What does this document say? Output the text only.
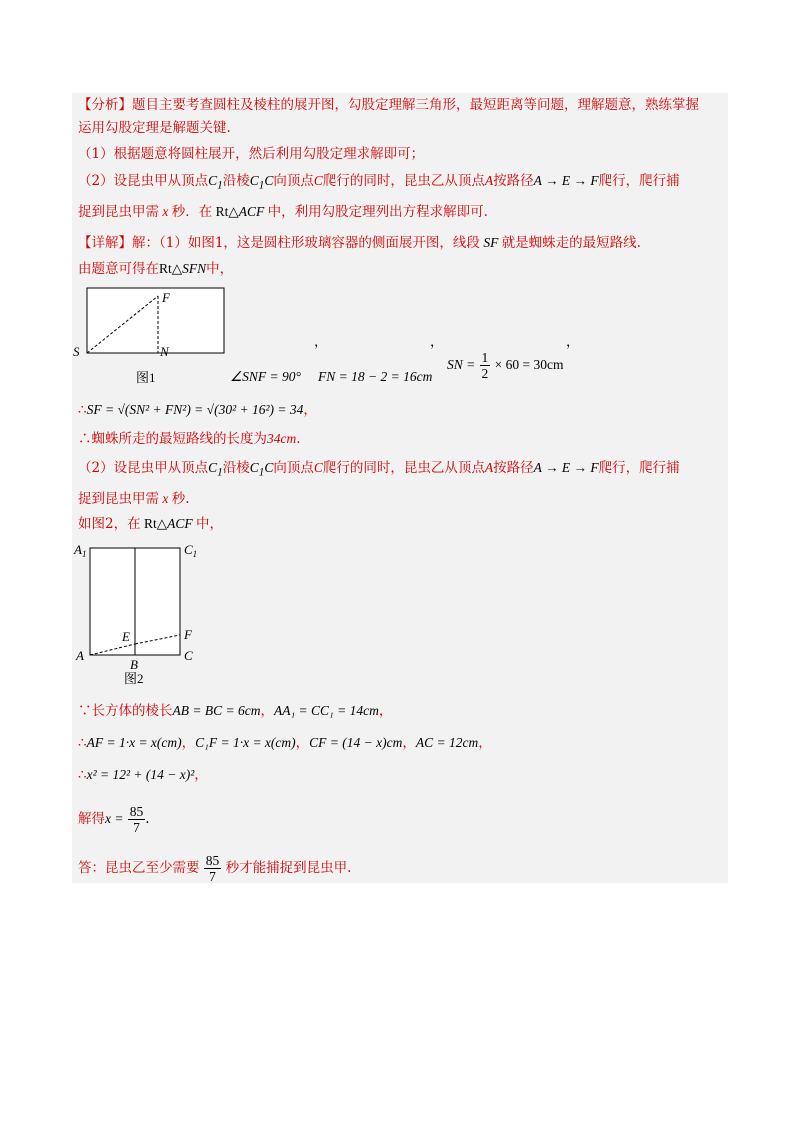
【分析】题目主要考查圆柱及棱柱的展开图，勾股定理解三角形，最短距离等问题，理解题意，熟练掌握
运用勾股定理是解题关键.
（1）根据题意将圆柱展开，然后利用勾股定理求解即可；
（2）设昆虫甲从顶点$C_1$沿棱$C_1C$向顶点C爬行的同时，昆虫乙从顶点A按路径A → E → F爬行，爬行捕
捉到昆虫甲需 x 秒．在 Rt△ACF 中，利用勾股定理列出方程求解即可.
【详解】解：（1）如图1，这是圆柱形玻璃容器的侧面展开图，线段 SF 就是蜘蛛走的最短路线.
由题意可得在Rt△SFN中，
F
S	N
图1	∠SNF = 90°
，
FN = 18 − 2 = 16cm
，
SN = $\frac{1}{2} \times 60 = 30cm$
，
∴SF = √(SN² + FN²) = √(30² + 16²) = 34，
∴蜘蛛所走的最短路线的长度为34cm.
（2）设昆虫甲从顶点$C_1$沿棱$C_1C$向顶点C爬行的同时，昆虫乙从顶点A按路径A → E → F爬行，爬行捕
捉到昆虫甲需 x 秒.
如图2，在 Rt△ACF 中，
$A_1$	$C_1$
E	F
A	C
B
图2
∵长方体的棱长AB = BC = 6cm，AA₁ = CC₁ = 14cm，
∴AF = 1·x = x(cm)，C₁F = 1·x = x(cm)，CF = (14 − x)cm，AC = 12cm，
∴x² = 12² + (14 − x)²，
解得$x = \frac{85}{7}$ .
答：昆虫乙至少需要 $\frac{85}{7}$ 秒才能捕捉到昆虫甲.
